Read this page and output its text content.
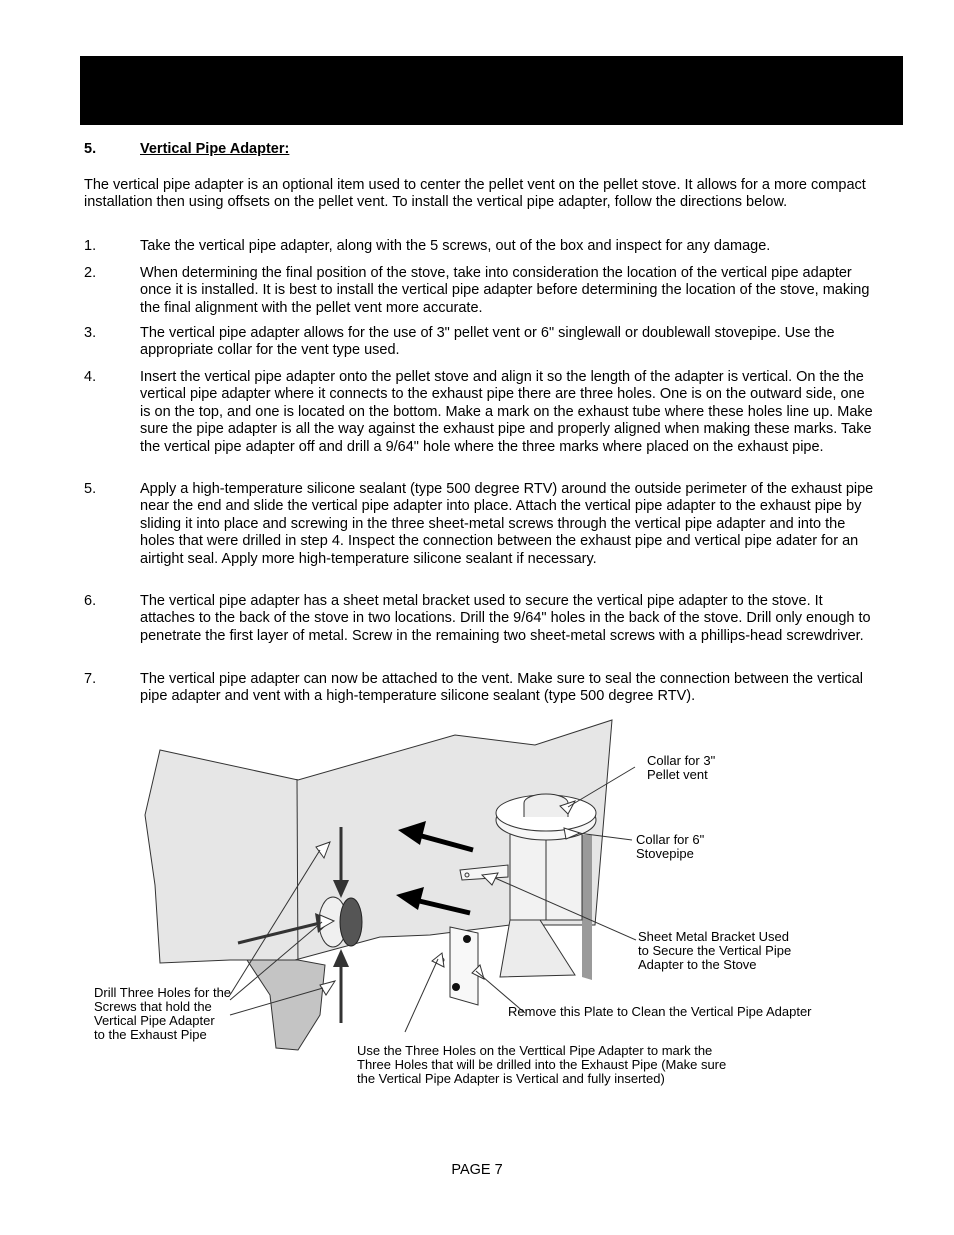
5.	Vertical Pipe Adapter:
The vertical pipe adapter is an optional item used to center the pellet vent on the pellet stove. It allows for a more compact installation then using offsets on the pellet vent. To install the vertical pipe adapter, follow the directions below.
1.	Take the vertical pipe adapter, along with the 5 screws, out of the box and inspect for any damage.
2.	When determining the final position of the stove, take into consideration the location of the vertical pipe adapter once it is installed. It is best to install the vertical pipe adapter before determining the location of the stove, making the final alignment with the pellet vent more accurate.
3.	The vertical pipe adapter allows for the use of 3" pellet vent or 6" singlewall or doublewall stovepipe. Use the appropriate collar for the vent type used.
4.	Insert the vertical pipe adapter onto the pellet stove and align it so the length of the adapter is vertical. On the the vertical pipe adapter where it connects to the exhaust pipe there are three holes. One is on the outward side, one is on the top, and one is located on the bottom. Make a mark on the exhaust tube where these holes line up. Make sure the pipe adapter is all the way against the exhaust pipe and properly aligned when making these marks. Take the vertical pipe adapter off and drill a 9/64" hole where the three marks where placed on the exhaust pipe.
5.	Apply a high-temperature silicone sealant (type 500 degree RTV) around the outside perimeter of the exhaust pipe near the end and slide the vertical pipe adapter into place. Attach the vertical pipe adapter to the exhaust pipe by sliding it into place and screwing in the three sheet-metal screws through the vertical pipe adapter and into the holes that were drilled in step 4. Inspect the connection between the exhaust pipe and vertical pipe adater for an airtight seal. Apply more high-temperature silicone sealant if necessary.
6.	The vertical pipe adapter has a sheet metal bracket used to secure the vertical pipe adapter to the stove. It attaches to the back of the stove in two locations. Drill the 9/64" holes in the back of the stove. Drill only enough to penetrate the first layer of metal. Screw in the remaining two sheet-metal screws with a phillips-head screwdriver.
7.	The vertical pipe adapter can now be attached to the vent. Make sure to seal the connection between the vertical pipe adapter and vent with a high-temperature silicone sealant (type 500 degree RTV).
Collar for 3"
Pellet vent
Collar for 6"
Stovepipe
Sheet Metal Bracket Used
to Secure the Vertical Pipe
Adapter to the Stove
Remove this Plate to Clean the Vertical Pipe Adapter
Drill Three Holes for the
Screws that hold the
Vertical Pipe Adapter
to the Exhaust Pipe
Use the Three Holes on the Verttical Pipe Adapter to mark the
Three Holes that will be drilled into the Exhaust Pipe (Make sure
the Vertical Pipe Adapter is Vertical and fully inserted)
PAGE 7
